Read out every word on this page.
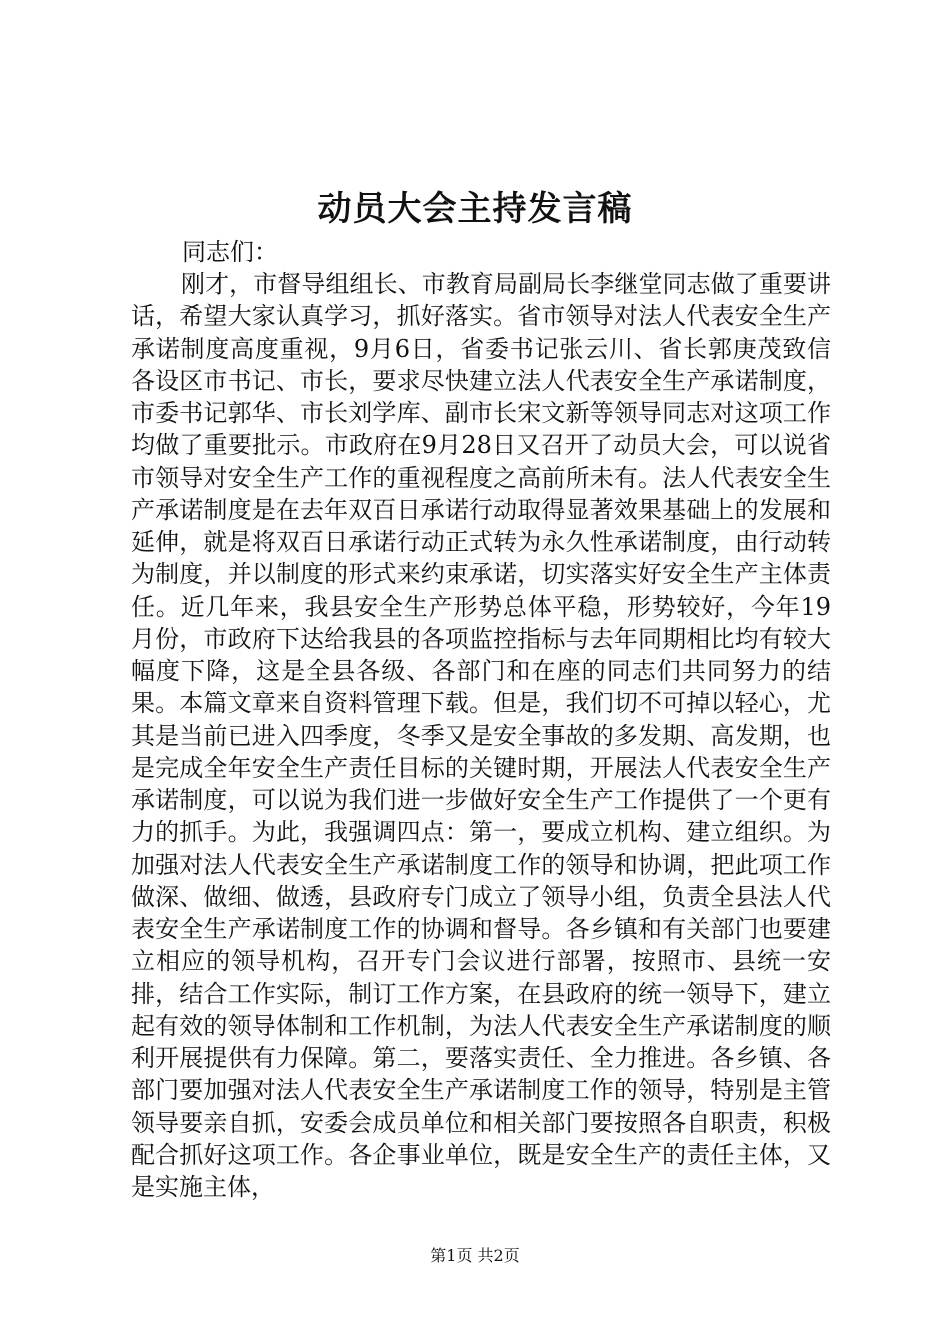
动员大会主持发言稿

同志们：

刚才，市督导组组长、市教育局副局长李继堂同志做了重要讲话，希望大家认真学习，抓好落实。省市领导对法人代表安全生产承诺制度高度重视，9月6日，省委书记张云川、省长郭庚茂致信各设区市书记、市长，要求尽快建立法人代表安全生产承诺制度，市委书记郭华、市长刘学库、副市长宋文新等领导同志对这项工作均做了重要批示。市政府在9月28日又召开了动员大会，可以说省市领导对安全生产工作的重视程度之高前所未有。法人代表安全生产承诺制度是在去年双百日承诺行动取得显著效果基础上的发展和延伸，就是将双百日承诺行动正式转为永久性承诺制度，由行动转为制度，并以制度的形式来约束承诺，切实落实好安全生产主体责任。近几年来，我县安全生产形势总体平稳，形势较好，今年19月份，市政府下达给我县的各项监控指标与去年同期相比均有较大幅度下降，这是全县各级、各部门和在座的同志们共同努力的结果。本篇文章来自资料管理下载。但是，我们切不可掉以轻心，尤其是当前已进入四季度，冬季又是安全事故的多发期、高发期，也是完成全年安全生产责任目标的关键时期，开展法人代表安全生产承诺制度，可以说为我们进一步做好安全生产工作提供了一个更有力的抓手。为此，我强调四点：第一，要成立机构、建立组织。为加强对法人代表安全生产承诺制度工作的领导和协调，把此项工作做深、做细、做透，县政府专门成立了领导小组，负责全县法人代表安全生产承诺制度工作的协调和督导。各乡镇和有关部门也要建立相应的领导机构，召开专门会议进行部署，按照市、县统一安排，结合工作实际，制订工作方案，在县政府的统一领导下，建立起有效的领导体制和工作机制，为法人代表安全生产承诺制度的顺利开展提供有力保障。第二，要落实责任、全力推进。各乡镇、各部门要加强对法人代表安全生产承诺制度工作的领导，特别是主管领导要亲自抓，安委会成员单位和相关部门要按照各自职责，积极配合抓好这项工作。各企事业单位，既是安全生产的责任主体，又是实施主体，

第1页 共2页
